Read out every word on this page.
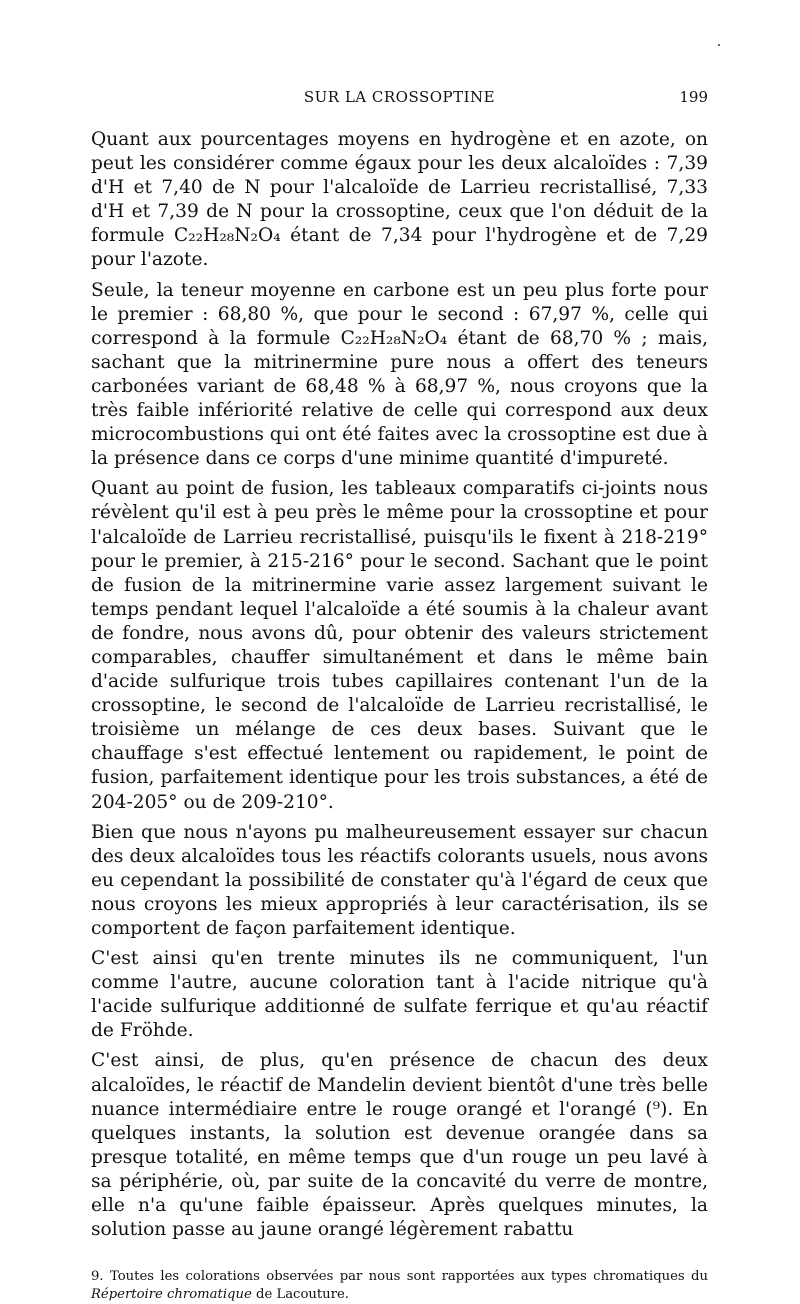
SUR LA CROSSOPTINE	199

Quant aux pourcentages moyens en hydrogène et en azote, on peut les considérer comme égaux pour les deux alcaloïdes : 7,39 d'H et 7,40 de N pour l'alcaloïde de Larrieu recristallisé, 7,33 d'H et 7,39 de N pour la crossoptine, ceux que l'on déduit de la formule C₂₂H₂₈N₂O₄ étant de 7,34 pour l'hydrogène et de 7,29 pour l'azote.

Seule, la teneur moyenne en carbone est un peu plus forte pour le premier : 68,80 %, que pour le second : 67,97 %, celle qui correspond à la formule C₂₂H₂₈N₂O₄ étant de 68,70 % ; mais, sachant que la mitrinermine pure nous a offert des teneurs carbonées variant de 68,48 % à 68,97 %, nous croyons que la très faible infériorité relative de celle qui correspond aux deux microcombustions qui ont été faites avec la crossoptine est due à la présence dans ce corps d'une minime quantité d'impureté.

Quant au point de fusion, les tableaux comparatifs ci-joints nous révèlent qu'il est à peu près le même pour la crossoptine et pour l'alcaloïde de Larrieu recristallisé, puisqu'ils le fixent à 218-219° pour le premier, à 215-216° pour le second. Sachant que le point de fusion de la mitrinermine varie assez largement suivant le temps pendant lequel l'alcaloïde a été soumis à la chaleur avant de fondre, nous avons dû, pour obtenir des valeurs strictement comparables, chauffer simultanément et dans le même bain d'acide sulfurique trois tubes capillaires contenant l'un de la crossoptine, le second de l'alcaloïde de Larrieu recristallisé, le troisième un mélange de ces deux bases. Suivant que le chauffage s'est effectué lentement ou rapidement, le point de fusion, parfaitement identique pour les trois substances, a été de 204-205° ou de 209-210°.

Bien que nous n'ayons pu malheureusement essayer sur chacun des deux alcaloïdes tous les réactifs colorants usuels, nous avons eu cependant la possibilité de constater qu'à l'égard de ceux que nous croyons les mieux appropriés à leur caractérisation, ils se comportent de façon parfaitement identique.

C'est ainsi qu'en trente minutes ils ne communiquent, l'un comme l'autre, aucune coloration tant à l'acide nitrique qu'à l'acide sulfurique additionné de sulfate ferrique et qu'au réactif de Fröhde.

C'est ainsi, de plus, qu'en présence de chacun des deux alcaloïdes, le réactif de Mandelin devient bientôt d'une très belle nuance intermédiaire entre le rouge orangé et l'orangé (⁹). En quelques instants, la solution est devenue orangée dans sa presque totalité, en même temps que d'un rouge un peu lavé à sa périphérie, où, par suite de la concavité du verre de montre, elle n'a qu'une faible épaisseur. Après quelques minutes, la solution passe au jaune orangé légèrement rabattu

9. Toutes les colorations observées par nous sont rapportées aux types chromatiques du Répertoire chromatique de Lacouture.
